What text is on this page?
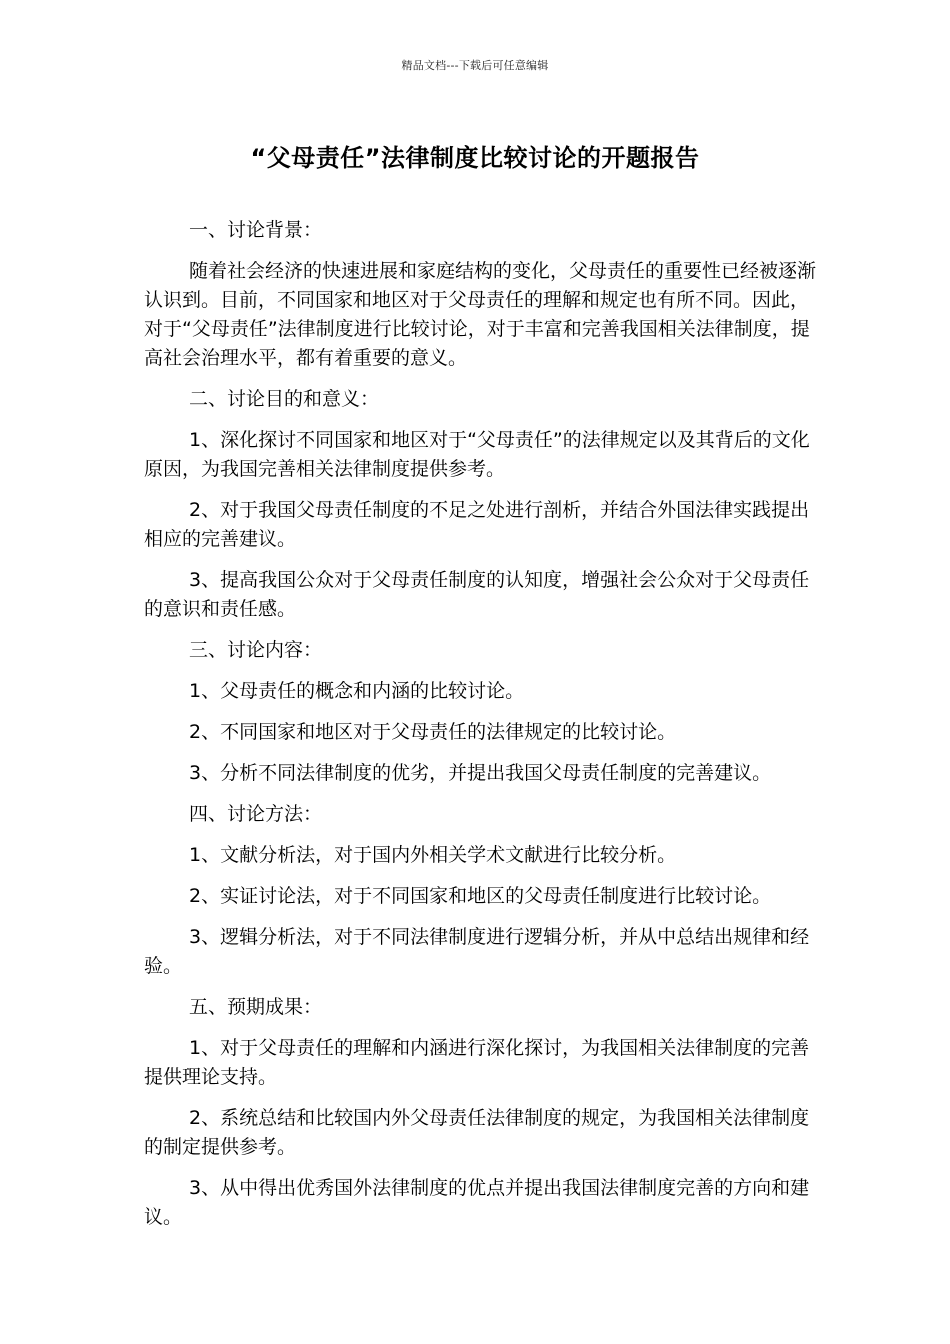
精品文档---下载后可任意编辑
“父母责任”法律制度比较讨论的开题报告
一、讨论背景：

随着社会经济的快速进展和家庭结构的变化，父母责任的重要性已经被逐渐认识到。目前，不同国家和地区对于父母责任的理解和规定也有所不同。因此，对于“父母责任”法律制度进行比较讨论，对于丰富和完善我国相关法律制度，提高社会治理水平，都有着重要的意义。

二、讨论目的和意义：

1、深化探讨不同国家和地区对于“父母责任”的法律规定以及其背后的文化原因，为我国完善相关法律制度提供参考。

2、对于我国父母责任制度的不足之处进行剖析，并结合外国法律实践提出相应的完善建议。

3、提高我国公众对于父母责任制度的认知度，增强社会公众对于父母责任的意识和责任感。

三、讨论内容：

1、父母责任的概念和内涵的比较讨论。

2、不同国家和地区对于父母责任的法律规定的比较讨论。

3、分析不同法律制度的优劣，并提出我国父母责任制度的完善建议。

四、讨论方法：

1、文献分析法，对于国内外相关学术文献进行比较分析。

2、实证讨论法，对于不同国家和地区的父母责任制度进行比较讨论。

3、逻辑分析法，对于不同法律制度进行逻辑分析，并从中总结出规律和经验。

五、预期成果：

1、对于父母责任的理解和内涵进行深化探讨，为我国相关法律制度的完善提供理论支持。

2、系统总结和比较国内外父母责任法律制度的规定，为我国相关法律制度的制定提供参考。

3、从中得出优秀国外法律制度的优点并提出我国法律制度完善的方向和建议。
